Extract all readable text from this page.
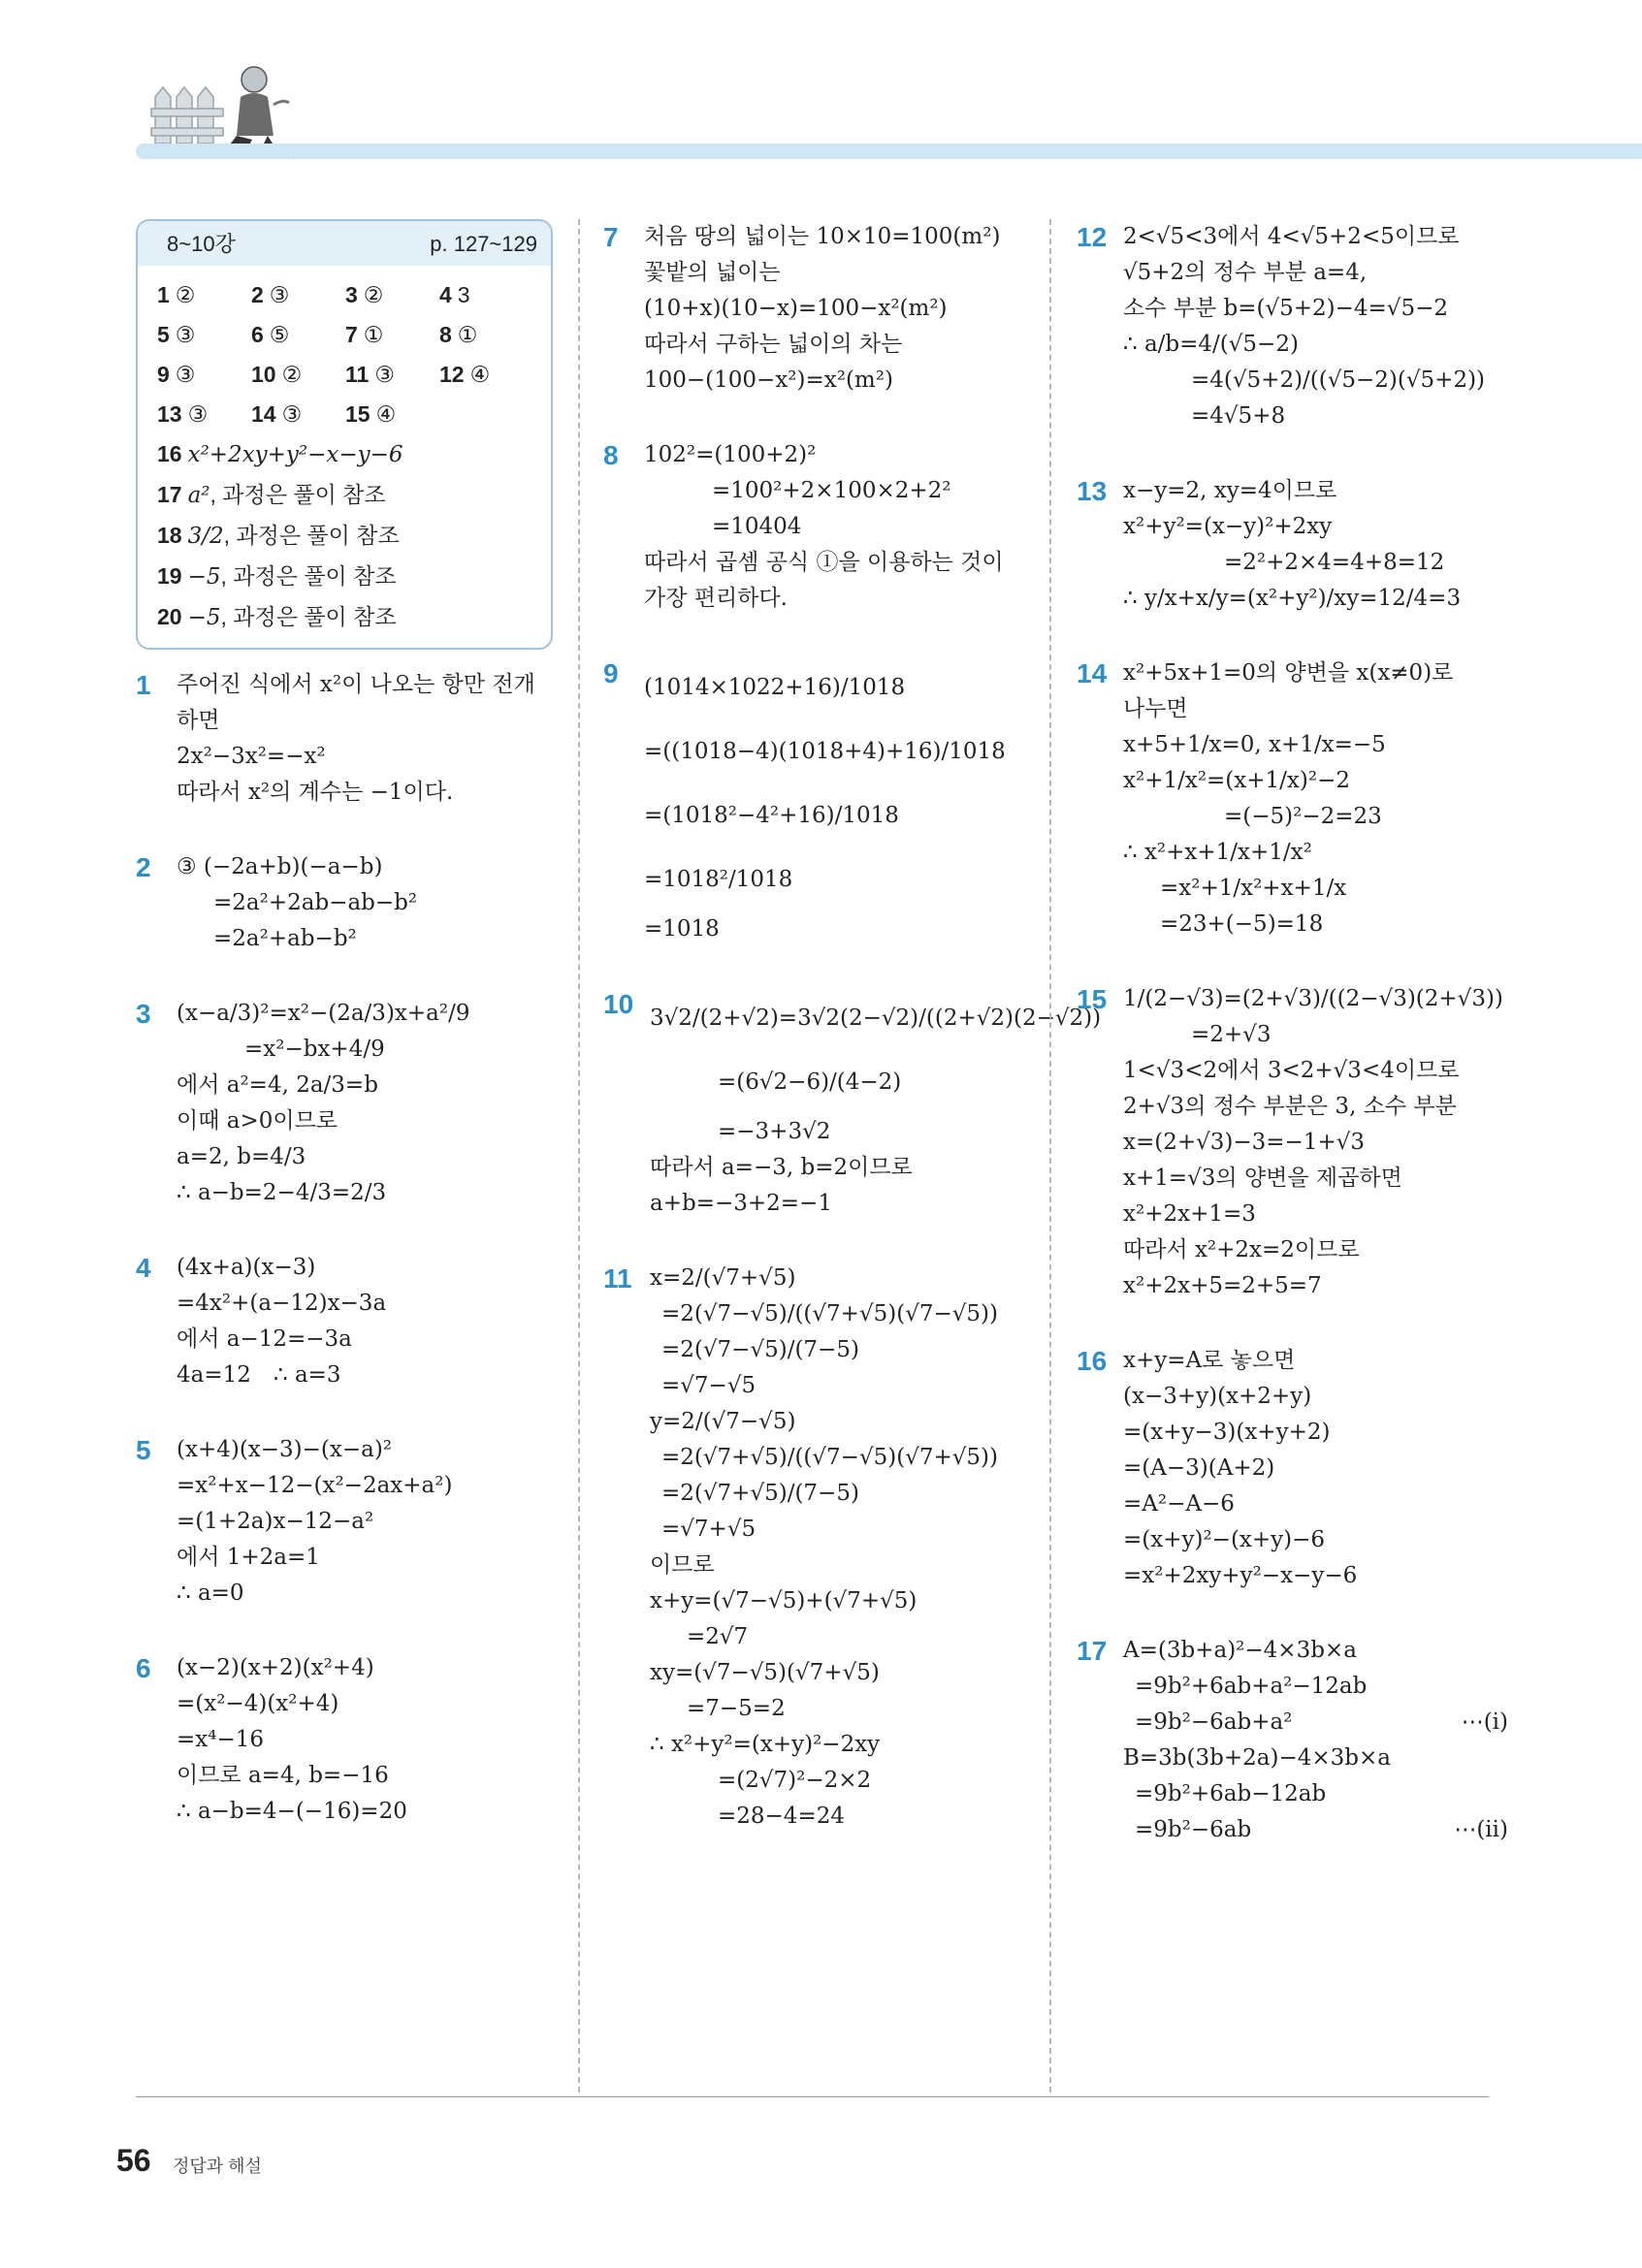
8~10강	p. 127~129
1 ②	2 ③	3 ②	4 3
5 ③	6 ⑤	7 ①	8 ①
9 ③	10 ②	11 ③	12 ④
13 ③	14 ③	15 ④
16 x²+2xy+y²−x−y−6
17 a², 과정은 풀이 참조
18 3/2, 과정은 풀이 참조
19 −5, 과정은 풀이 참조
20 −5, 과정은 풀이 참조
1	주어진 식에서 x²이 나오는 항만 전개
하면
2x²−3x²=−x²
따라서 x²의 계수는 −1이다.
2	③ (−2a+b)(−a−b)
=2a²+2ab−ab−b²
=2a²+ab−b²
3	(x−a/3)²=x²−(2a/3)x+a²/9
=x²−bx+4/9
에서 a²=4, 2a/3=b
이때 a>0이므로
a=2, b=4/3
∴ a−b=2−4/3=2/3
4	(4x+a)(x−3)
=4x²+(a−12)x−3a
에서 a−12=−3a
4a=12 ∴ a=3
5	(x+4)(x−3)−(x−a)²
=x²+x−12−(x²−2ax+a²)
=(1+2a)x−12−a²
에서 1+2a=1
∴ a=0
6	(x−2)(x+2)(x²+4)
=(x²−4)(x²+4)
=x⁴−16
이므로 a=4, b=−16
∴ a−b=4−(−16)=20
7	처음 땅의 넓이는 10×10=100(m²)
꽃밭의 넓이는
(10+x)(10−x)=100−x²(m²)
따라서 구하는 넓이의 차는
100−(100−x²)=x²(m²)
8	102²=(100+2)²
=100²+2×100×2+2²
=10404
따라서 곱셈 공식 ①을 이용하는 것이
가장 편리하다.
9	(1014×1022+16)/1018
=((1018−4)(1018+4)+16)/1018
=(1018²−4²+16)/1018
=1018²/1018
=1018
10 3√2/(2+√2)=3√2(2−√2)/((2+√2)(2−√2))
=(6√2−6)/(4−2)
=−3+3√2
따라서 a=−3, b=2이므로
a+b=−3+2=−1
11 x=2/(√7+√5)
=2(√7−√5)/((√7+√5)(√7−√5))
=2(√7−√5)/(7−5)
=√7−√5
y=2/(√7−√5)
=2(√7+√5)/((√7−√5)(√7+√5))
=2(√7+√5)/(7−5)
=√7+√5
이므로
x+y=(√7−√5)+(√7+√5)
=2√7
xy=(√7−√5)(√7+√5)
=7−5=2
∴ x²+y²=(x+y)²−2xy
=(2√7)²−2×2
=28−4=24
12 2<√5<3에서 4<√5+2<5이므로
√5+2의 정수 부분 a=4,
소수 부분 b=(√5+2)−4=√5−2
∴ a/b=4/(√5−2)
=4(√5+2)/((√5−2)(√5+2))
=4√5+8
13 x−y=2, xy=4이므로
x²+y²=(x−y)²+2xy
=2²+2×4=4+8=12
∴ y/x+x/y=(x²+y²)/xy=12/4=3
14 x²+5x+1=0의 양변을 x(x≠0)로
나누면
x+5+1/x=0, x+1/x=−5
x²+1/x²=(x+1/x)²−2
=(−5)²−2=23
∴ x²+x+1/x+1/x²
=x²+1/x²+x+1/x
=23+(−5)=18
15 1/(2−√3)=(2+√3)/((2−√3)(2+√3))
=2+√3
1<√3<2에서 3<2+√3<4이므로
2+√3의 정수 부분은 3, 소수 부분
x=(2+√3)−3=−1+√3
x+1=√3의 양변을 제곱하면
x²+2x+1=3
따라서 x²+2x=2이므로
x²+2x+5=2+5=7
16 x+y=A로 놓으면
(x−3+y)(x+2+y)
=(x+y−3)(x+y+2)
=(A−3)(A+2)
=A²−A−6
=(x+y)²−(x+y)−6
=x²+2xy+y²−x−y−6
17 A=(3b+a)²−4×3b×a
=9b²+6ab+a²−12ab
=9b²−6ab+a²	⋯(ⅰ)
B=3b(3b+2a)−4×3b×a
=9b²+6ab−12ab
=9b²−6ab	⋯(ⅱ)
56 정답과 해설
